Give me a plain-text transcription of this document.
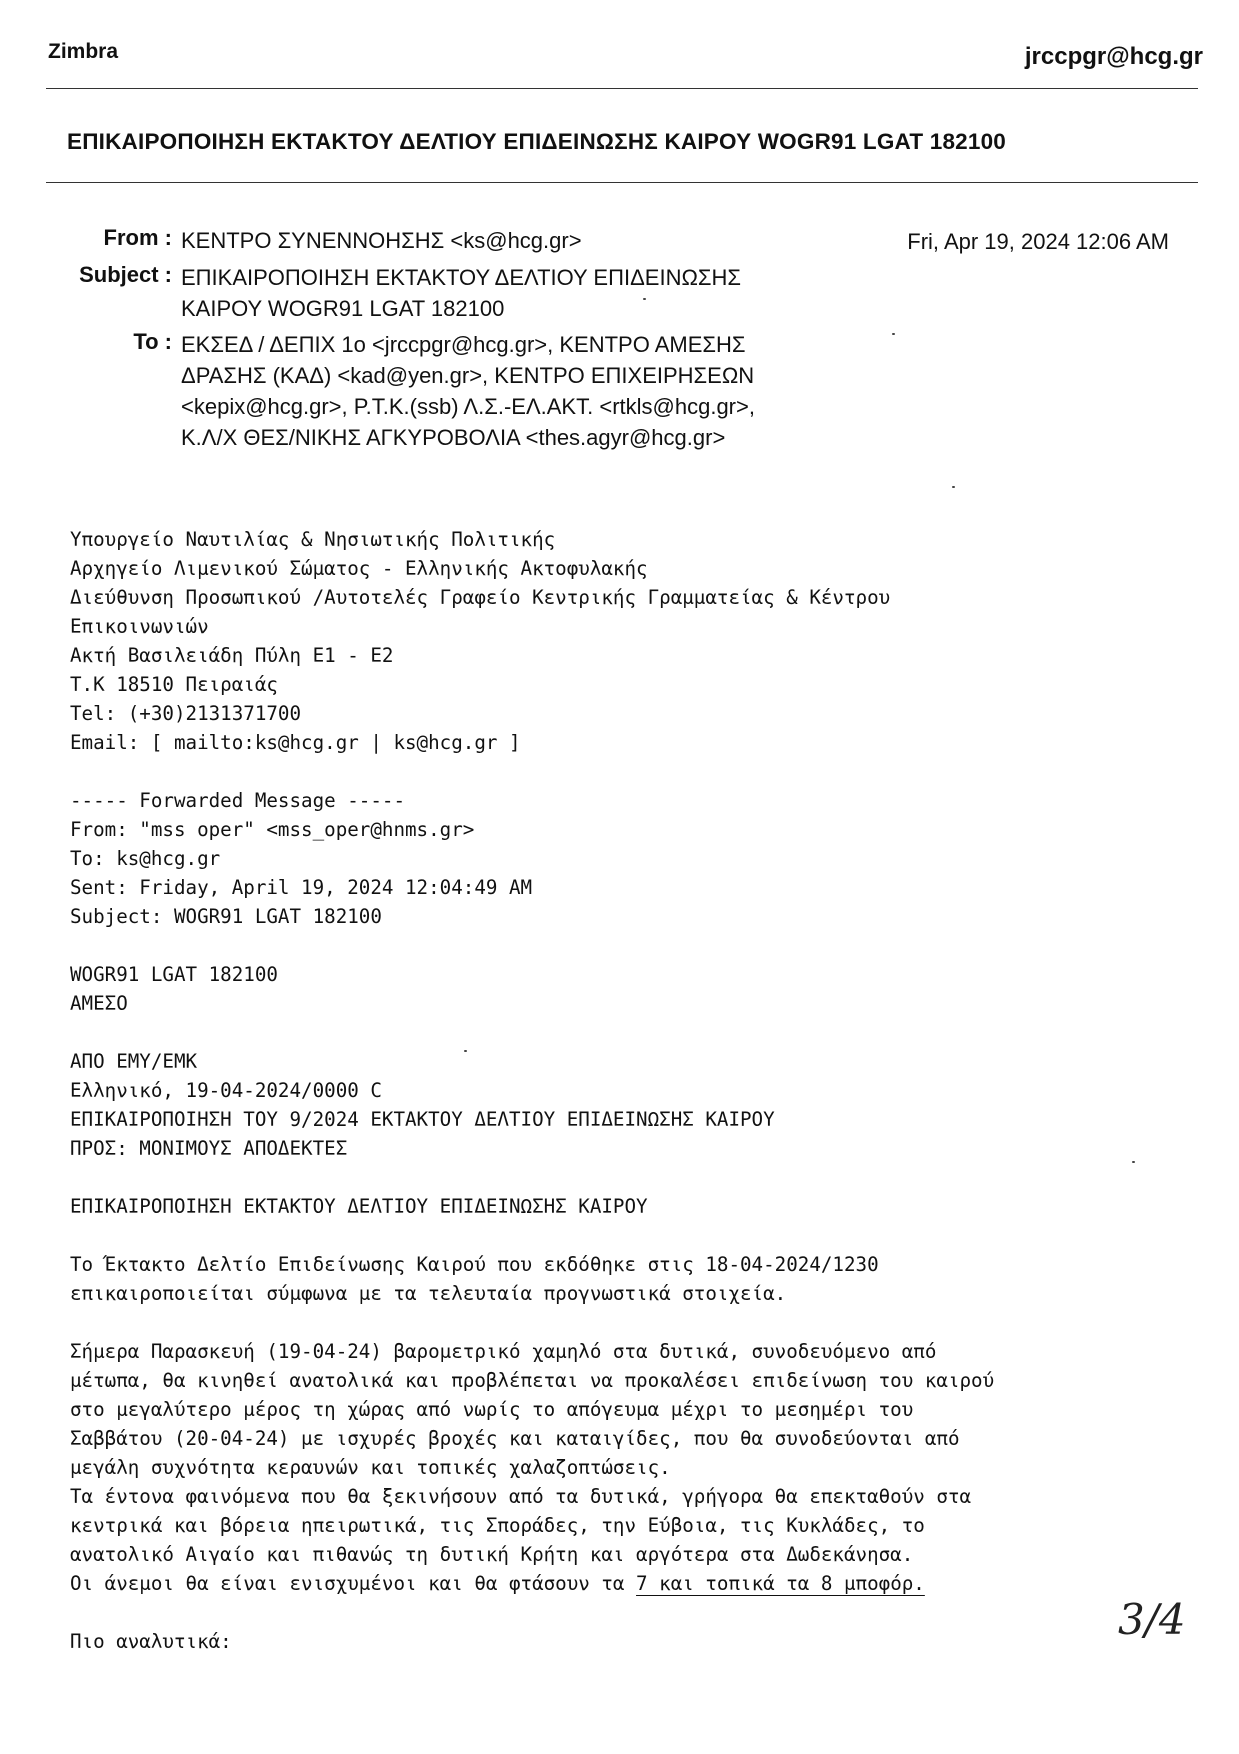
Zimbra	jrccpgr@hcg.gr
ΕΠΙΚΑΙΡΟΠΟΙΗΣΗ ΕΚΤΑΚΤΟΥ ΔΕΛΤΙΟΥ ΕΠΙΔΕΙΝΩΣΗΣ ΚΑΙΡΟΥ WOGR91 LGAT 182100
From : ΚΕΝΤΡΟ ΣΥΝΕΝΝΟΗΣΗΣ <ks@hcg.gr>	Fri, Apr 19, 2024 12:06 AM
Subject : ΕΠΙΚΑΙΡΟΠΟΙΗΣΗ ΕΚΤΑΚΤΟΥ ΔΕΛΤΙΟΥ ΕΠΙΔΕΙΝΩΣΗΣ
ΚΑΙΡΟΥ WOGR91 LGAT 182100
To : ΕΚΣΕΔ / ΔΕΠΙΧ 1ο <jrccpgr@hcg.gr>, ΚΕΝΤΡΟ ΑΜΕΣΗΣ
ΔΡΑΣΗΣ (ΚΑΔ) <kad@yen.gr>, ΚΕΝΤΡΟ ΕΠΙΧΕΙΡΗΣΕΩΝ
<kepix@hcg.gr>, Ρ.Τ.Κ.(ssb) Λ.Σ.-ΕΛ.ΑΚΤ. <rtkls@hcg.gr>,
Κ.Λ/Χ ΘΕΣ/ΝΙΚΗΣ ΑΓΚΥΡΟΒΟΛΙΑ <thes.agyr@hcg.gr>
Υπουργείο Ναυτιλίας & Νησιωτικής Πολιτικής
Αρχηγείο Λιμενικού Σώματος - Ελληνικής Ακτοφυλακής
Διεύθυνση Προσωπικού /Αυτοτελές Γραφείο Κεντρικής Γραμματείας & Κέντρου
Επικοινωνιών
Ακτή Βασιλειάδη Πύλη Ε1 - Ε2
Τ.Κ 18510 Πειραιάς
Tel: (+30)2131371700
Email: [ mailto:ks@hcg.gr | ks@hcg.gr ]

----- Forwarded Message -----
From: "mss oper" <mss_oper@hnms.gr>
To: ks@hcg.gr
Sent: Friday, April 19, 2024 12:04:49 AM
Subject: WOGR91 LGAT 182100

WOGR91 LGAT 182100
ΑΜΕΣΟ

ΑΠΟ ΕΜΥ/ΕΜΚ
Ελληνικό, 19-04-2024/0000 C
ΕΠΙΚΑΙΡΟΠΟΙΗΣΗ ΤΟΥ 9/2024 ΕΚΤΑΚΤΟΥ ΔΕΛΤΙΟΥ ΕΠΙΔΕΙΝΩΣΗΣ ΚΑΙΡΟΥ
ΠΡΟΣ: ΜΟΝΙΜΟΥΣ ΑΠΟΔΕΚΤΕΣ

ΕΠΙΚΑΙΡΟΠΟΙΗΣΗ ΕΚΤΑΚΤΟΥ ΔΕΛΤΙΟΥ ΕΠΙΔΕΙΝΩΣΗΣ ΚΑΙΡΟΥ

Το Έκτακτο Δελτίο Επιδείνωσης Καιρού που εκδόθηκε στις 18-04-2024/1230
επικαιροποιείται σύμφωνα με τα τελευταία προγνωστικά στοιχεία.

Σήμερα Παρασκευή (19-04-24) βαρομετρικό χαμηλό στα δυτικά, συνοδευόμενο από
μέτωπα, θα κινηθεί ανατολικά και προβλέπεται να προκαλέσει επιδείνωση του καιρού
στο μεγαλύτερο μέρος τη χώρας από νωρίς το απόγευμα μέχρι το μεσημέρι του
Σαββάτου (20-04-24) με ισχυρές βροχές και καταιγίδες, που θα συνοδεύονται από
μεγάλη συχνότητα κεραυνών και τοπικές χαλαζοπτώσεις.
Τα έντονα φαινόμενα που θα ξεκινήσουν από τα δυτικά, γρήγορα θα επεκταθούν στα
κεντρικά και βόρεια ηπειρωτικά, τις Σποράδες, την Εύβοια, τις Κυκλάδες, το
ανατολικό Αιγαίο και πιθανώς τη δυτική Κρήτη και αργότερα στα Δωδεκάνησα.
Οι άνεμοι θα είναι ενισχυμένοι και θα φτάσουν τα 7 και τοπικά τα 8 μποφόρ.

Πιο αναλυτικά:	3/4
